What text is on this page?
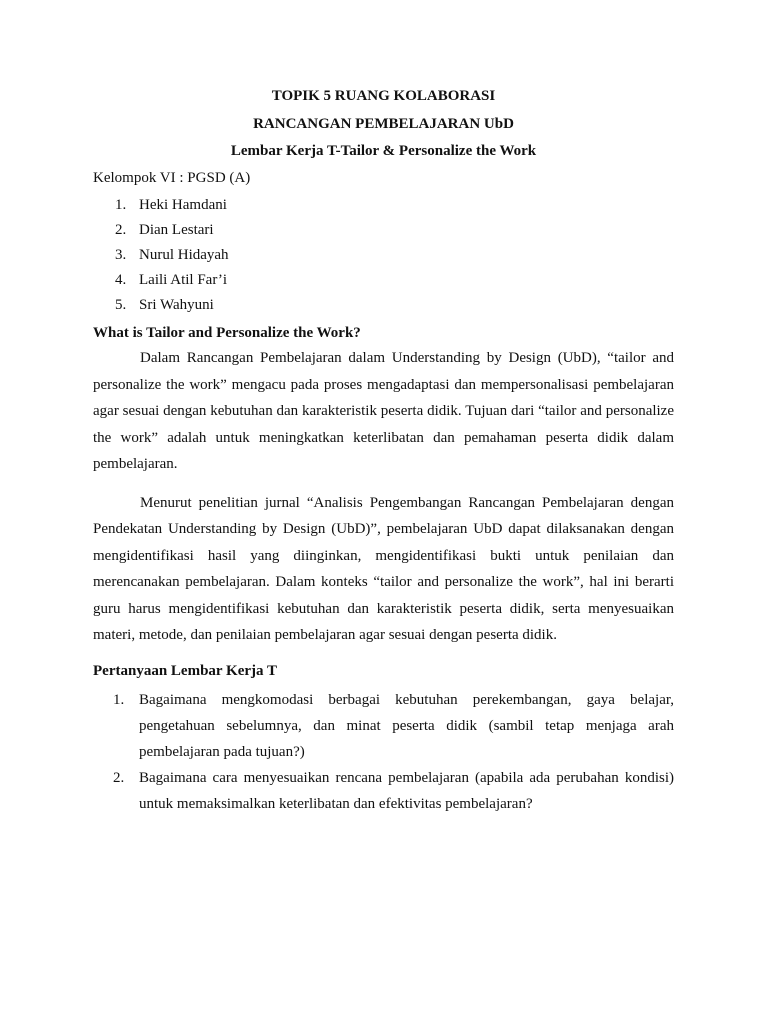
TOPIK 5 RUANG KOLABORASI

RANCANGAN PEMBELAJARAN UbD

Lembar Kerja T-Tailor & Personalize the Work

Kelompok VI : PGSD (A)

1. Heki Hamdani
2. Dian Lestari
3. Nurul Hidayah
4. Laili Atil Far’i
5. Sri Wahyuni
What is Tailor and Personalize the Work?

Dalam Rancangan Pembelajaran dalam Understanding by Design (UbD), “tailor and personalize the work” mengacu pada proses mengadaptasi dan mempersonalisasi pembelajaran agar sesuai dengan kebutuhan dan karakteristik peserta didik. Tujuan dari “tailor and personalize the work” adalah untuk meningkatkan keterlibatan dan pemahaman peserta didik dalam pembelajaran.

Menurut penelitian jurnal “Analisis Pengembangan Rancangan Pembelajaran dengan Pendekatan Understanding by Design (UbD)”, pembelajaran UbD dapat dilaksanakan dengan mengidentifikasi hasil yang diinginkan, mengidentifikasi bukti untuk penilaian dan merencanakan pembelajaran. Dalam konteks “tailor and personalize the work”, hal ini berarti guru harus mengidentifikasi kebutuhan dan karakteristik peserta didik, serta menyesuaikan materi, metode, dan penilaian pembelajaran agar sesuai dengan peserta didik.

Pertanyaan Lembar Kerja T
1. Bagaimana mengkomodasi berbagai kebutuhan perekembangan, gaya belajar, pengetahuan sebelumnya, dan minat peserta didik (sambil tetap menjaga arah pembelajaran pada tujuan?)
2. Bagaimana cara menyesuaikan rencana pembelajaran (apabila ada perubahan kondisi) untuk memaksimalkan keterlibatan dan efektivitas pembelajaran?
